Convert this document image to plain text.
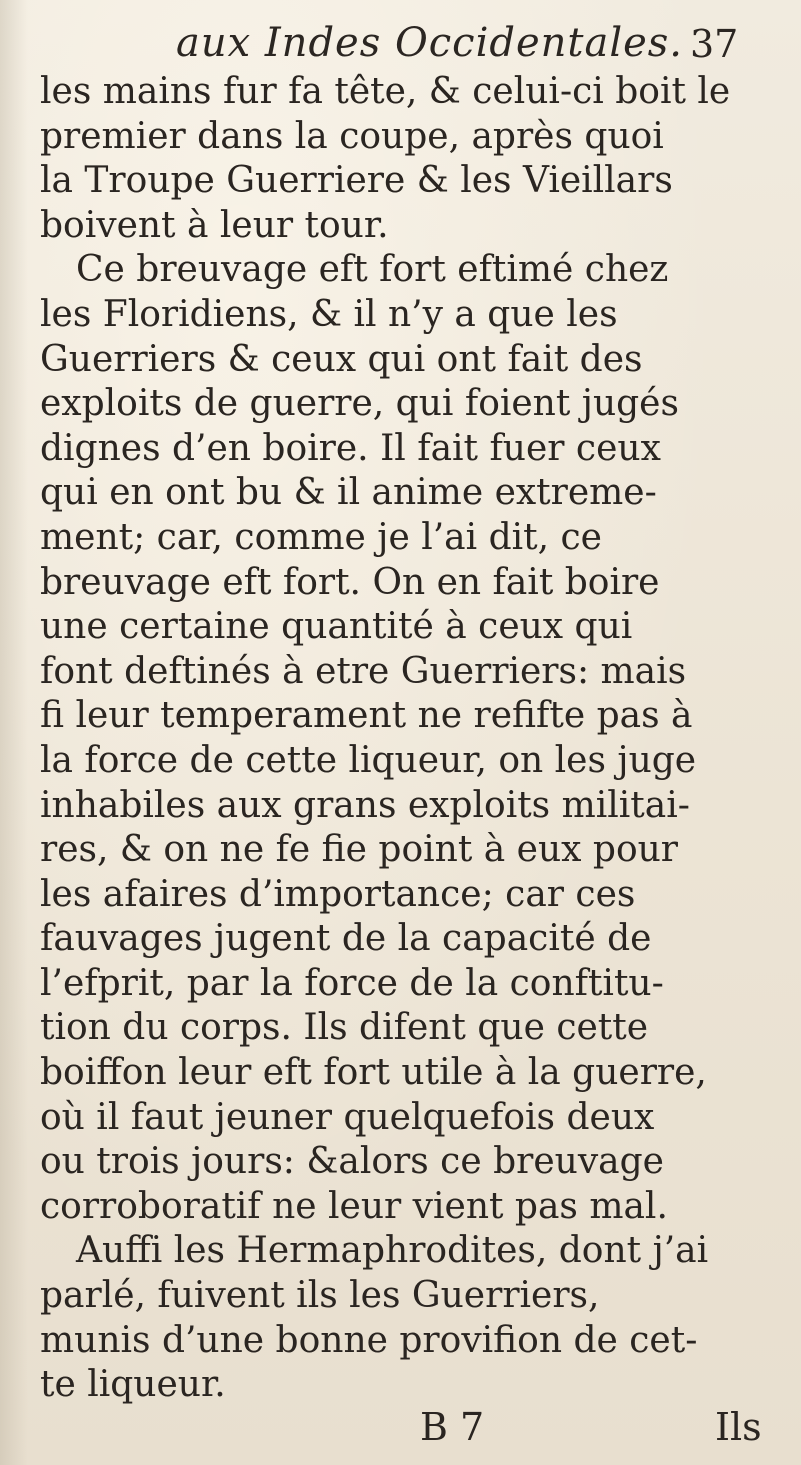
aux Indes Occidentales. 37
les mains fur fa tête, & celui-ci boit le
premier dans la coupe, après quoi
la Troupe Guerriere & les Vieillars
boivent à leur tour.
Ce breuvage eft fort eftimé chez
les Floridiens, & il n’y a que les
Guerriers & ceux qui ont fait des
exploits de guerre, qui foient jugés
dignes d’en boire. Il fait fuer ceux
qui en ont bu & il anime extreme-
ment; car, comme je l’ai dit, ce
breuvage eft fort. On en fait boire
une certaine quantité à ceux qui
font deftinés à etre Guerriers: mais
fi leur temperament ne refifte pas à
la force de cette liqueur, on les juge
inhabiles aux grans exploits militai-
res, & on ne fe fie point à eux pour
les afaires d’importance; car ces
fauvages jugent de la capacité de
l’efprit, par la force de la conftitu-
tion du corps. Ils difent que cette
boiffon leur eft fort utile à la guerre,
où il faut jeuner quelquefois deux
ou trois jours: &alors ce breuvage
corroboratif ne leur vient pas mal.
Auffi les Hermaphrodites, dont j’ai
parlé, fuivent ils les Guerriers,
munis d’une bonne provifion de cet-
te liqueur.
B 7	Ils
